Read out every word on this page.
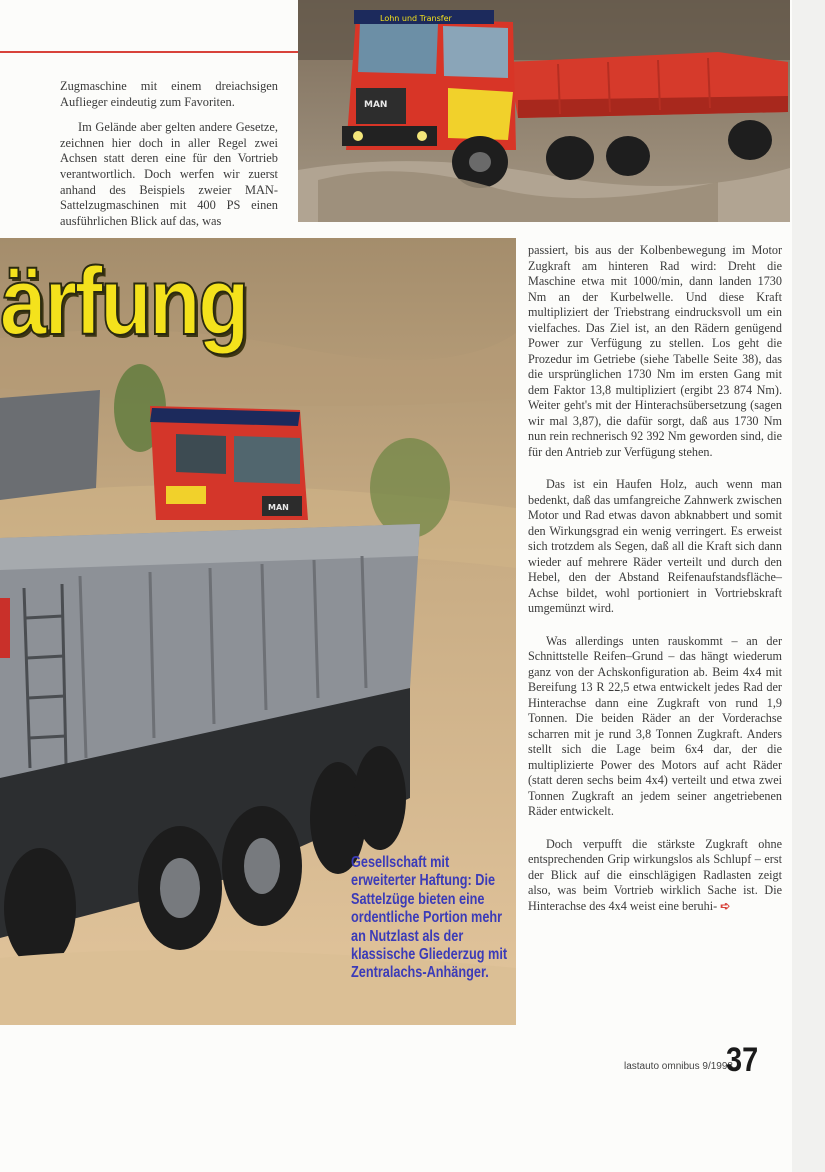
Lohn und Transfer
MAN

Zugmaschine mit einem dreiachsigen Auflieger eindeutig zum Favoriten.

Im Gelände aber gelten andere Gesetze, zeichnen hier doch in aller Regel zwei Achsen statt deren eine für den Vortrieb verantwortlich. Doch werfen wir zuerst anhand des Beispiels zweier MAN-Sattelzugmaschinen mit 400 PS einen ausführlichen Blick auf das, was

MAN
ärfung
Gesellschaft mit erweiterter Haftung: Die Sattelzüge bieten eine ordentliche Portion mehr an Nutzlast als der klassische Gliederzug mit Zentralachs-Anhänger.

passiert, bis aus der Kolbenbewegung im Motor Zugkraft am hinteren Rad wird: Dreht die Maschine etwa mit 1000/min, dann landen 1730 Nm an der Kurbelwelle. Und diese Kraft multipliziert der Triebstrang eindrucksvoll um ein vielfaches. Das Ziel ist, an den Rädern genügend Power zur Verfügung zu stellen. Los geht die Prozedur im Getriebe (siehe Tabelle Seite 38), das die ursprünglichen 1730 Nm im ersten Gang mit dem Faktor 13,8 multipliziert (ergibt 23 874 Nm). Weiter geht's mit der Hinterachsübersetzung (sagen wir mal 3,87), die dafür sorgt, daß aus 1730 Nm nun rein rechnerisch 92 392 Nm geworden sind, die für den Antrieb zur Verfügung stehen.

Das ist ein Haufen Holz, auch wenn man bedenkt, daß das umfangreiche Zahnwerk zwischen Motor und Rad etwas davon abknabbert und somit den Wirkungsgrad ein wenig verringert. Es erweist sich trotzdem als Segen, daß all die Kraft sich dann wieder auf mehrere Räder verteilt und durch den Hebel, den der Abstand Reifenaufstandsfläche–Achse bildet, wohl portioniert in Vortriebskraft umgemünzt wird.

Was allerdings unten rauskommt – an der Schnittstelle Reifen–Grund – das hängt wiederum ganz von der Achskonfiguration ab. Beim 4x4 mit Bereifung 13 R 22,5 etwa entwickelt jedes Rad der Hinterachse dann eine Zugkraft von rund 1,9 Tonnen. Die beiden Räder an der Vorderachse scharren mit je rund 3,8 Tonnen Zugkraft. Anders stellt sich die Lage beim 6x4 dar, der die multiplizierte Power des Motors auf acht Räder (statt deren sechs beim 4x4) verteilt und etwa zwei Tonnen Zugkraft an jedem seiner angetriebenen Räder entwickelt.

Doch verpufft die stärkste Zugkraft ohne entsprechenden Grip wirkungslos als Schlupf – erst der Blick auf die einschlägigen Radlasten zeigt also, was beim Vortrieb wirklich Sache ist. Die Hinterachse des 4x4 weist eine beruhi- ➪

lastauto omnibus 9/1998
37
